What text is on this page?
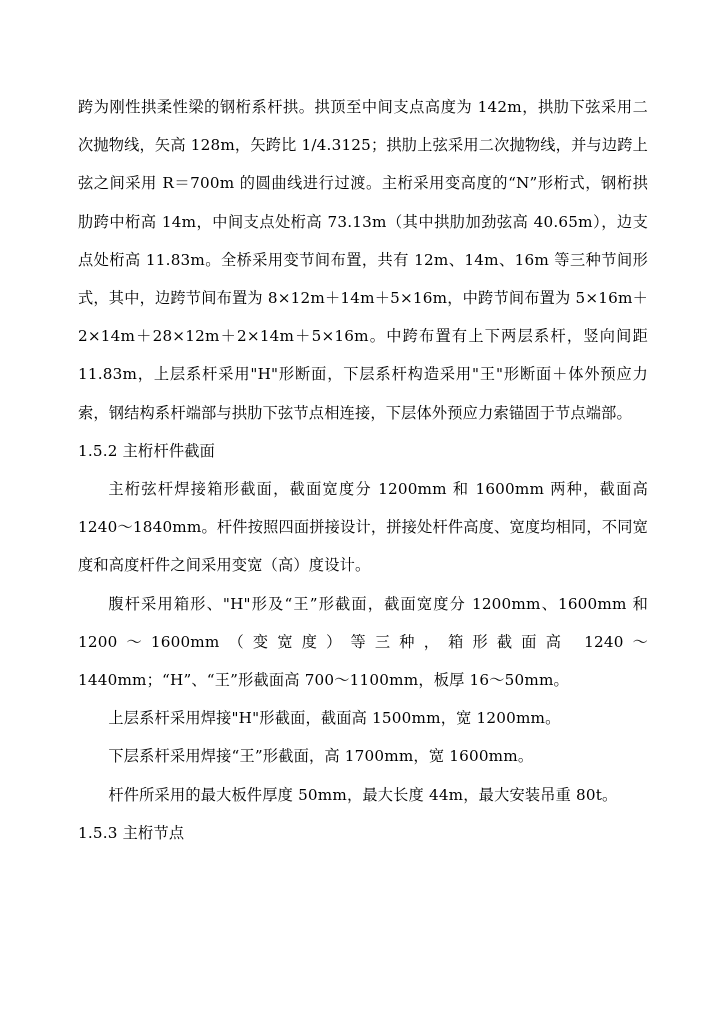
跨为刚性拱柔性梁的钢桁系杆拱。拱顶至中间支点高度为 142m，拱肋下弦采用二次抛物线，矢高 128m，矢跨比 1/4.3125；拱肋上弦采用二次抛物线，并与边跨上弦之间采用 R＝700m 的圆曲线进行过渡。主桁采用变高度的“N”形桁式，钢桁拱肋跨中桁高 14m，中间支点处桁高 73.13m（其中拱肋加劲弦高 40.65m），边支点处桁高 11.83m。全桥采用变节间布置，共有 12m、14m、16m 等三种节间形式，其中，边跨节间布置为 8×12m＋14m＋5×16m，中跨节间布置为 5×16m＋2×14m＋28×12m＋2×14m＋5×16m。中跨布置有上下两层系杆，竖向间距 11.83m，上层系杆采用"H"形断面，下层系杆构造采用"王"形断面＋体外预应力索，钢结构系杆端部与拱肋下弦节点相连接，下层体外预应力索锚固于节点端部。

1.5.2 主桁杆件截面

主桁弦杆焊接箱形截面，截面宽度分 1200mm 和 1600mm 两种，截面高 1240～1840mm。杆件按照四面拼接设计，拼接处杆件高度、宽度均相同，不同宽度和高度杆件之间采用变宽（高）度设计。

腹杆采用箱形、"H"形及“王”形截面，截面宽度分 1200mm、1600mm 和 1200～1600mm（变宽度）等三种，箱形截面高 1240～1440mm；“H”、“王”形截面高 700～1100mm，板厚 16～50mm。

上层系杆采用焊接"H"形截面，截面高 1500mm，宽 1200mm。

下层系杆采用焊接“王”形截面，高 1700mm，宽 1600mm。

杆件所采用的最大板件厚度 50mm，最大长度 44m，最大安装吊重 80t。

1.5.3 主桁节点
